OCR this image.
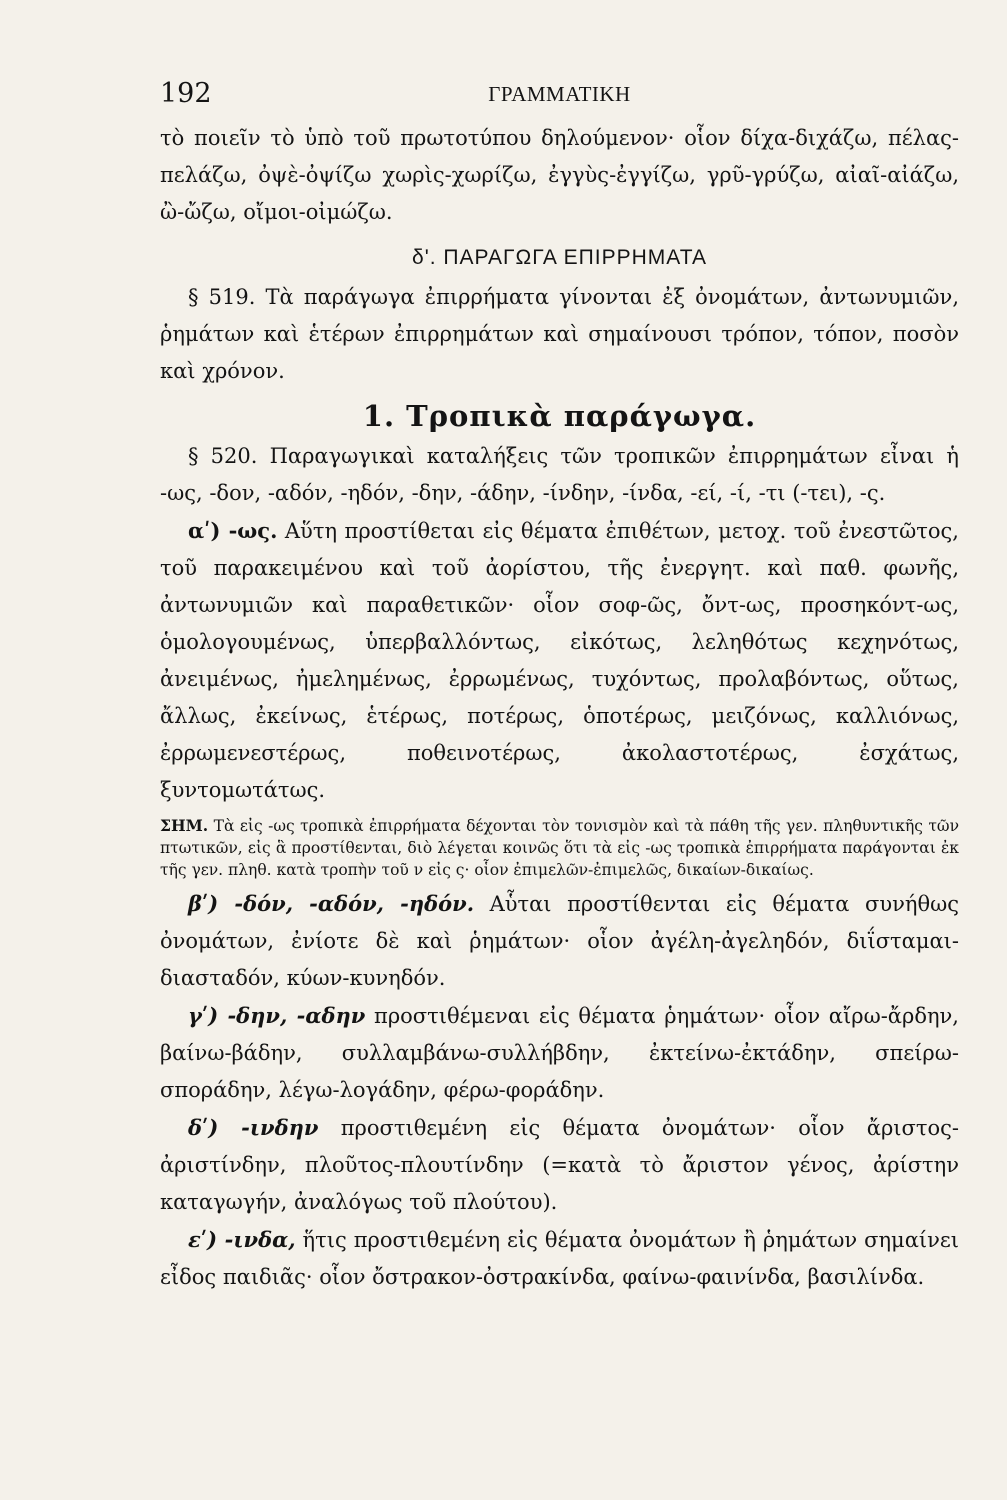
192	ΓΡΑΜΜΑΤΙΚΗ

τὸ ποιεῖν τὸ ὑπὸ τοῦ πρωτοτύπου δηλούμενον· οἷον δίχα-διχάζω, πέλας-πελάζω, ὀψὲ-ὀψίζω χωρὶς-χωρίζω, ἐγγὺς-ἐγγίζω, γρῦ-γρύζω, αἰαῖ-αἰάζω, ὢ-ὤζω, οἴμοι-οἰμώζω.

δʹ. ΠΑΡΑΓΩΓΑ ΕΠΙΡΡΗΜΑΤΑ

§ 519. Τὰ παράγωγα ἐπιρρήματα γίνονται ἐξ ὀνομάτων, ἀντωνυμιῶν, ῥημάτων καὶ ἑτέρων ἐπιρρημάτων καὶ σημαίνουσι τρόπον, τόπον, ποσὸν καὶ χρόνον.

1. Τροπικὰ παράγωγα.

§ 520. Παραγωγικαὶ καταλήξεις τῶν τροπικῶν ἐπιρρημάτων εἶναι ἡ -ως, -δον, -αδόν, -ηδόν, -δην, -άδην, -ίνδην, -ίνδα, -εί, -ί, -τι (-τει), -ς.

αʹ) -ως. Αὕτη προστίθεται εἰς θέματα ἐπιθέτων, μετοχ. τοῦ ἐνεστῶτος, τοῦ παρακειμένου καὶ τοῦ ἀορίστου, τῆς ἐνεργητ. καὶ παθ. φωνῆς, ἀντωνυμιῶν καὶ παραθετικῶν· οἷον σοφ-ῶς, ὄντ-ως, προσηκόντ-ως, ὁμολογουμένως, ὑπερβαλλόντως, εἰκότως, λεληθότως κεχηνότως, ἀνειμένως, ἠμελημένως, ἐρρωμένως, τυχόντως, προλαβόντως, οὕτως, ἄλλως, ἐκείνως, ἑτέρως, ποτέρως, ὁποτέρως, μειζόνως, καλλιόνως, ἐρρωμενεστέρως, ποθεινοτέρως, ἀκολαστοτέρως, ἐσχάτως, ξυντομωτάτως.

ΣΗΜ. Τὰ εἰς -ως τροπικὰ ἐπιρρήματα δέχονται τὸν τονισμὸν καὶ τὰ πάθη τῆς γεν. πληθυντικῆς τῶν πτωτικῶν, εἰς ἃ προστίθενται, διὸ λέγεται κοινῶς ὅτι τὰ εἰς -ως τροπικὰ ἐπιρρήματα παράγονται ἐκ τῆς γεν. πληθ. κατὰ τροπὴν τοῦ ν εἰς ς· οἷον ἐπιμελῶν-ἐπιμελῶς, δικαίων-δικαίως.

βʹ) -δόν, -αδόν, -ηδόν. Αὗται προστίθενται εἰς θέματα συνήθως ὀνομάτων, ἐνίοτε δὲ καὶ ῥημάτων· οἷον ἀγέλη-ἀγεληδόν, διΐσταμαι-διασταδόν, κύων-κυνηδόν.

γʹ) -δην, -αδην προστιθέμεναι εἰς θέματα ῥημάτων· οἷον αἴρω-ἄρδην, βαίνω-βάδην, συλλαμβάνω-συλλήβδην, ἐκτείνω-ἐκτάδην, σπείρω-σποράδην, λέγω-λογάδην, φέρω-φοράδην.

δʹ) -ινδην προστιθεμένη εἰς θέματα ὀνομάτων· οἷον ἄριστος-ἀριστίνδην, πλοῦτος-πλουτίνδην (=κατὰ τὸ ἄριστον γένος, ἀρίστην καταγωγήν, ἀναλόγως τοῦ πλούτου).

εʹ) -ινδα, ἥτις προστιθεμένη εἰς θέματα ὀνομάτων ἢ ῥημάτων σημαίνει εἶδος παιδιᾶς· οἷον ὄστρακον-ὀστρακίνδα, φαίνω-φαινίνδα, βασιλίνδα.
